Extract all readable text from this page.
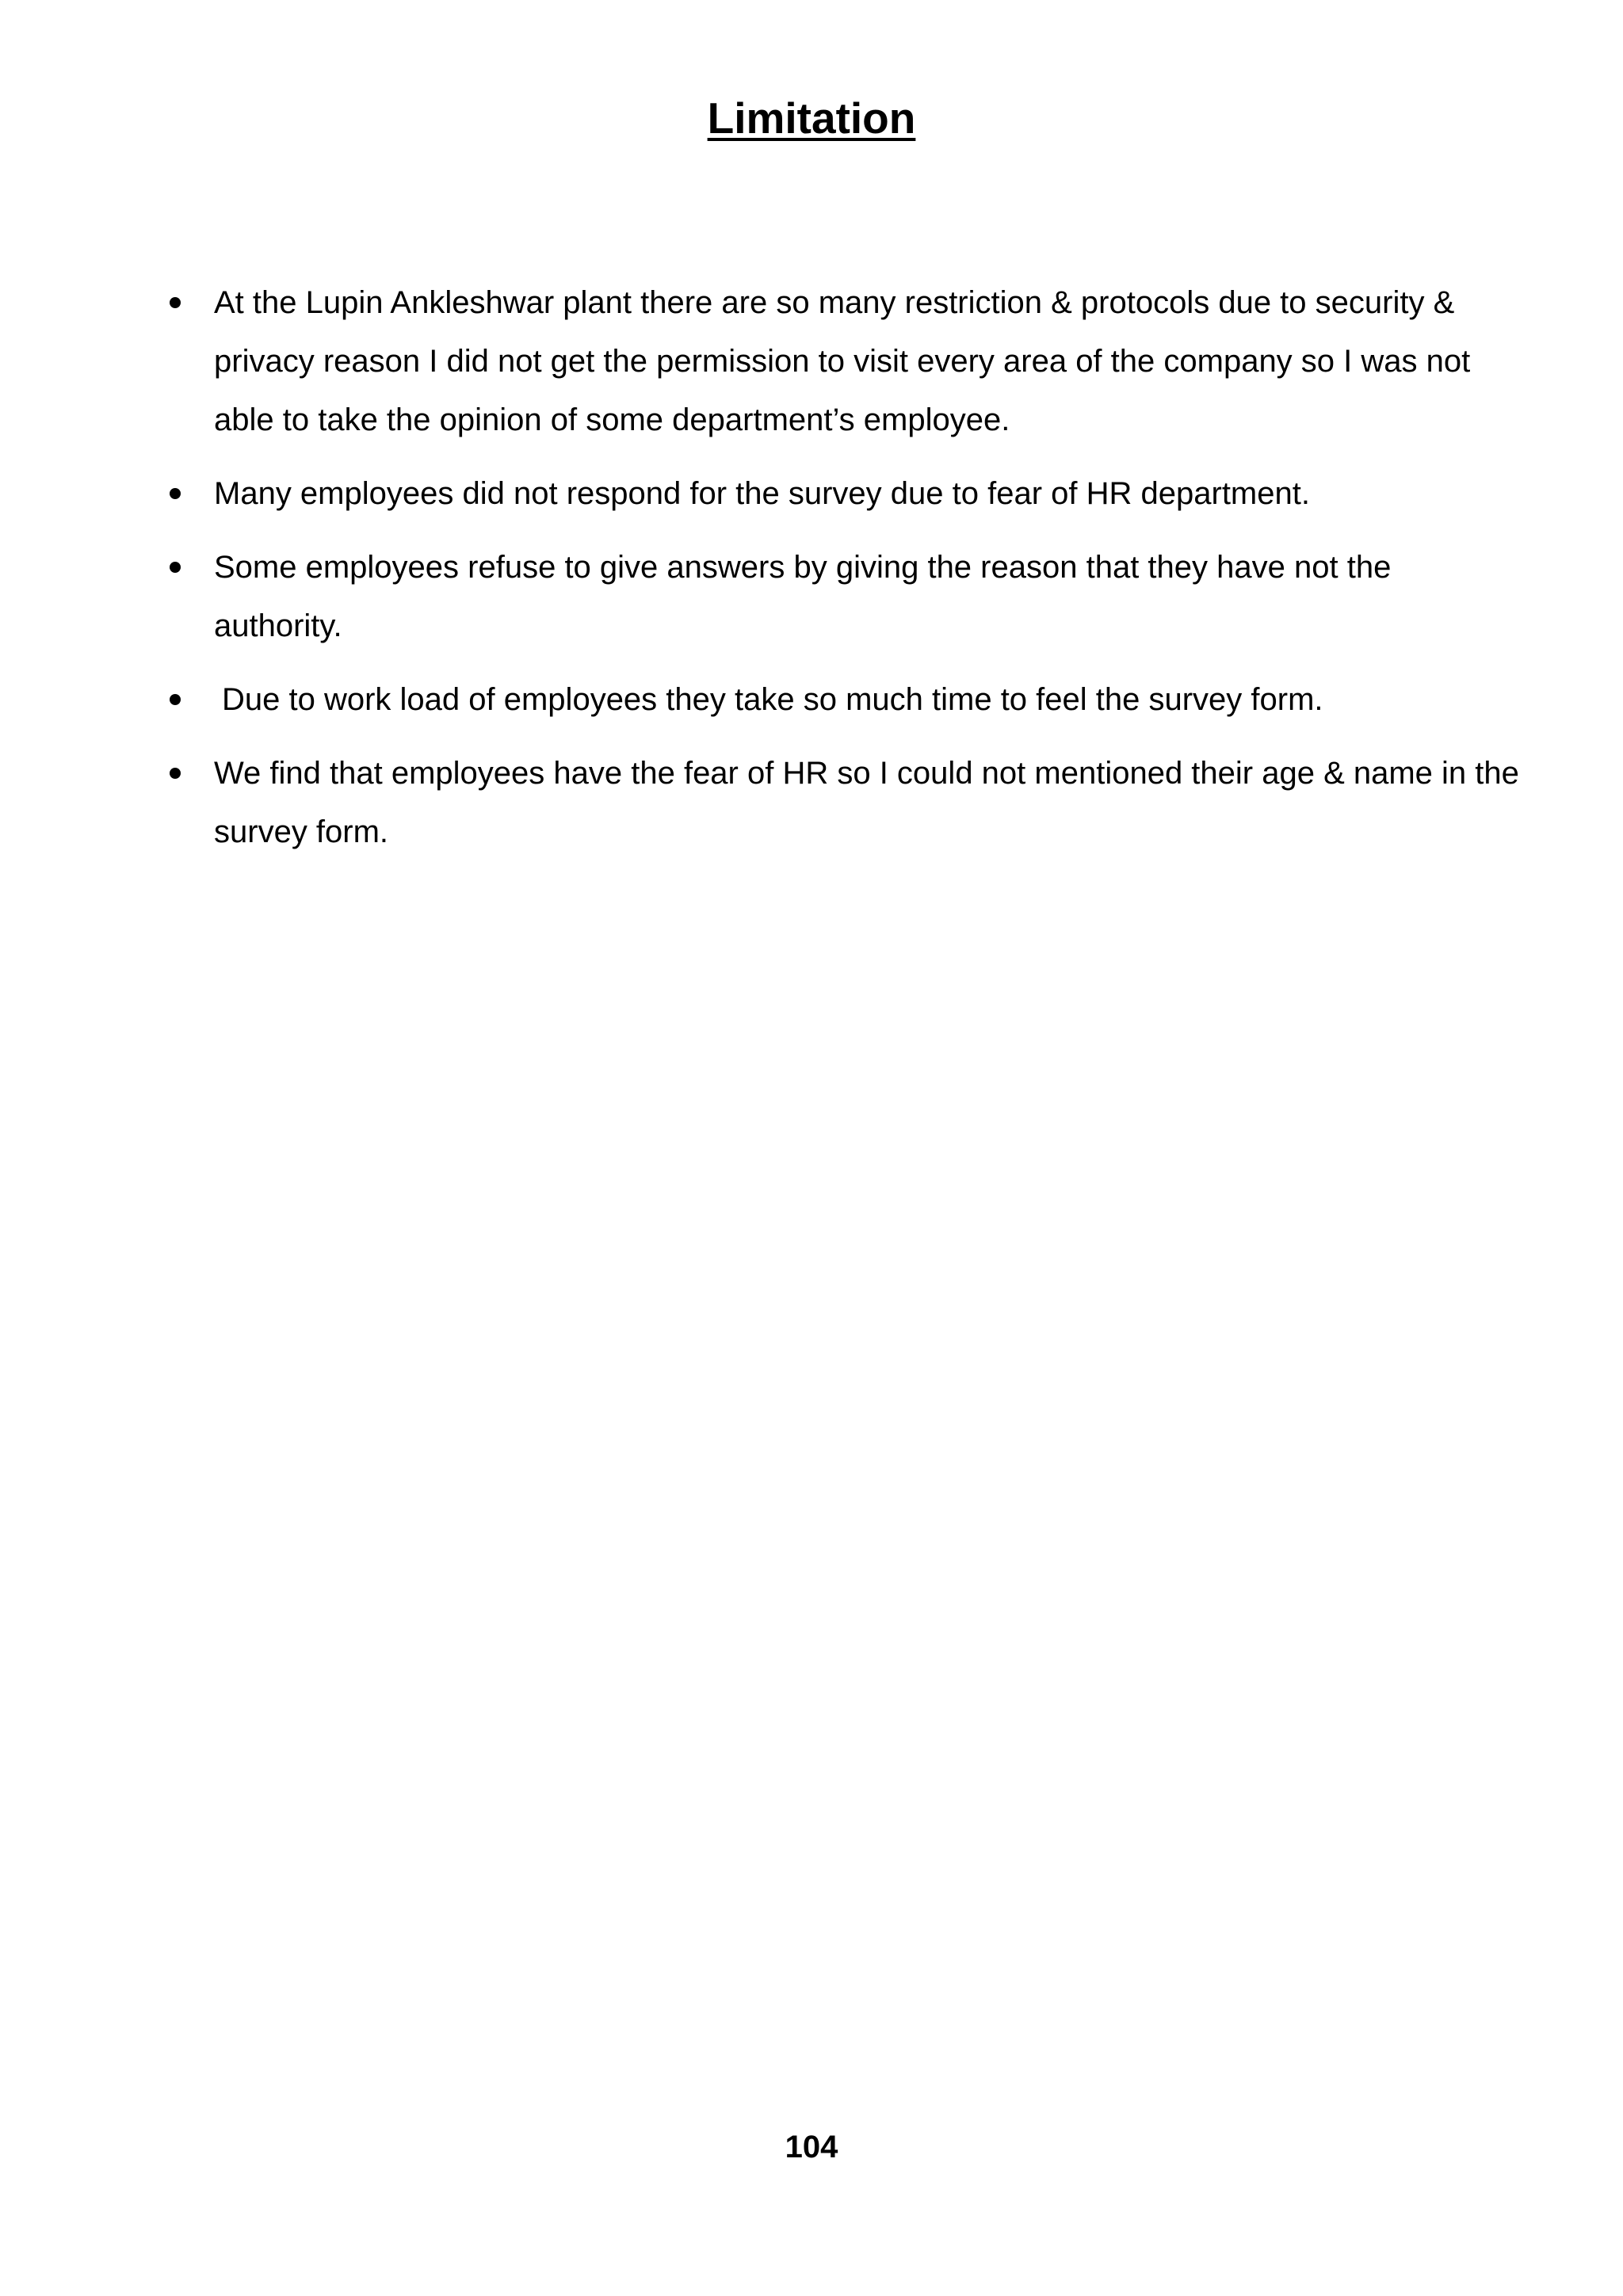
Limitation
At the Lupin Ankleshwar plant there are so many restriction & protocols due to security & privacy reason I did not get the permission to visit every area of the company so I was not able to take the opinion of some department’s employee.
Many employees did not respond for the survey due to fear of HR department.
Some employees refuse to give answers by giving the reason that they have not the authority.
Due to work load of employees they take so much time to feel the survey form.
We find that employees have the fear of HR so I could not mentioned their age & name in the survey form.
104
